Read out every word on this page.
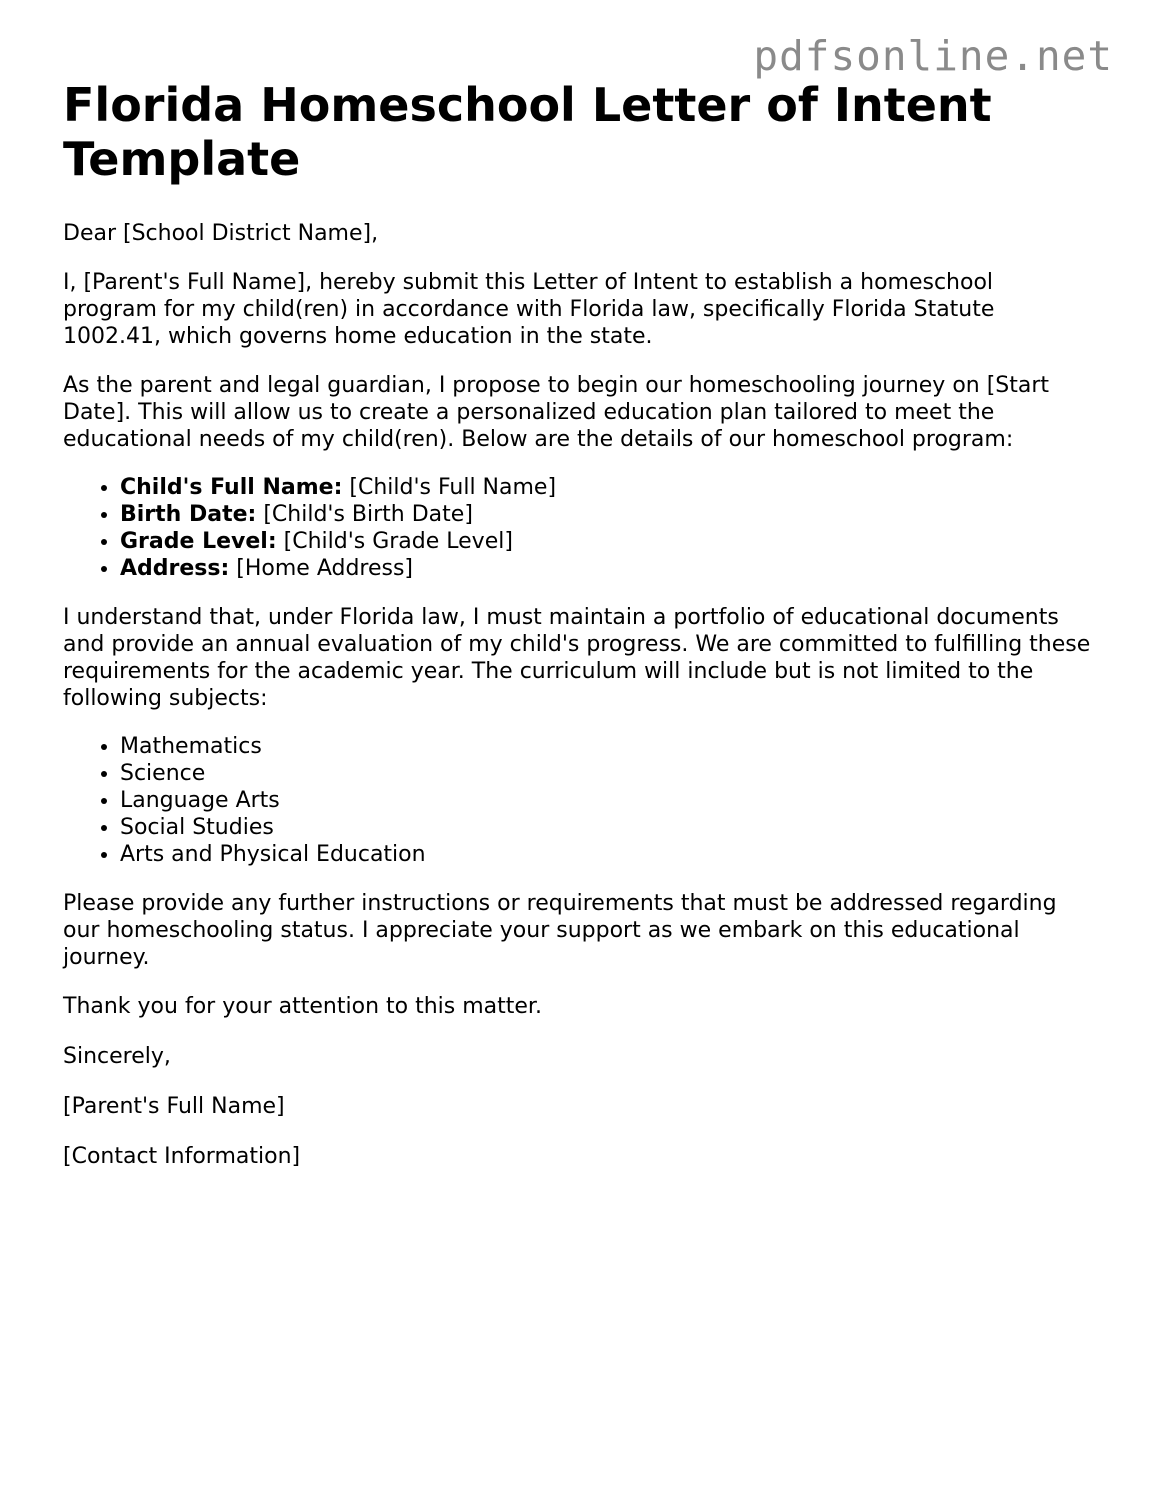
pdfsonline.net
Florida Homeschool Letter of Intent Template

Dear [School District Name],

I, [Parent's Full Name], hereby submit this Letter of Intent to establish a homeschool program for my child(ren) in accordance with Florida law, specifically Florida Statute 1002.41, which governs home education in the state.

As the parent and legal guardian, I propose to begin our homeschooling journey on [Start Date]. This will allow us to create a personalized education plan tailored to meet the educational needs of my child(ren). Below are the details of our homeschool program:

• Child's Full Name: [Child's Full Name]
• Birth Date: [Child's Birth Date]
• Grade Level: [Child's Grade Level]
• Address: [Home Address]

I understand that, under Florida law, I must maintain a portfolio of educational documents and provide an annual evaluation of my child's progress. We are committed to fulfilling these requirements for the academic year. The curriculum will include but is not limited to the following subjects:

• Mathematics
• Science
• Language Arts
• Social Studies
• Arts and Physical Education

Please provide any further instructions or requirements that must be addressed regarding our homeschooling status. I appreciate your support as we embark on this educational journey.

Thank you for your attention to this matter.

Sincerely,

[Parent's Full Name]

[Contact Information]
